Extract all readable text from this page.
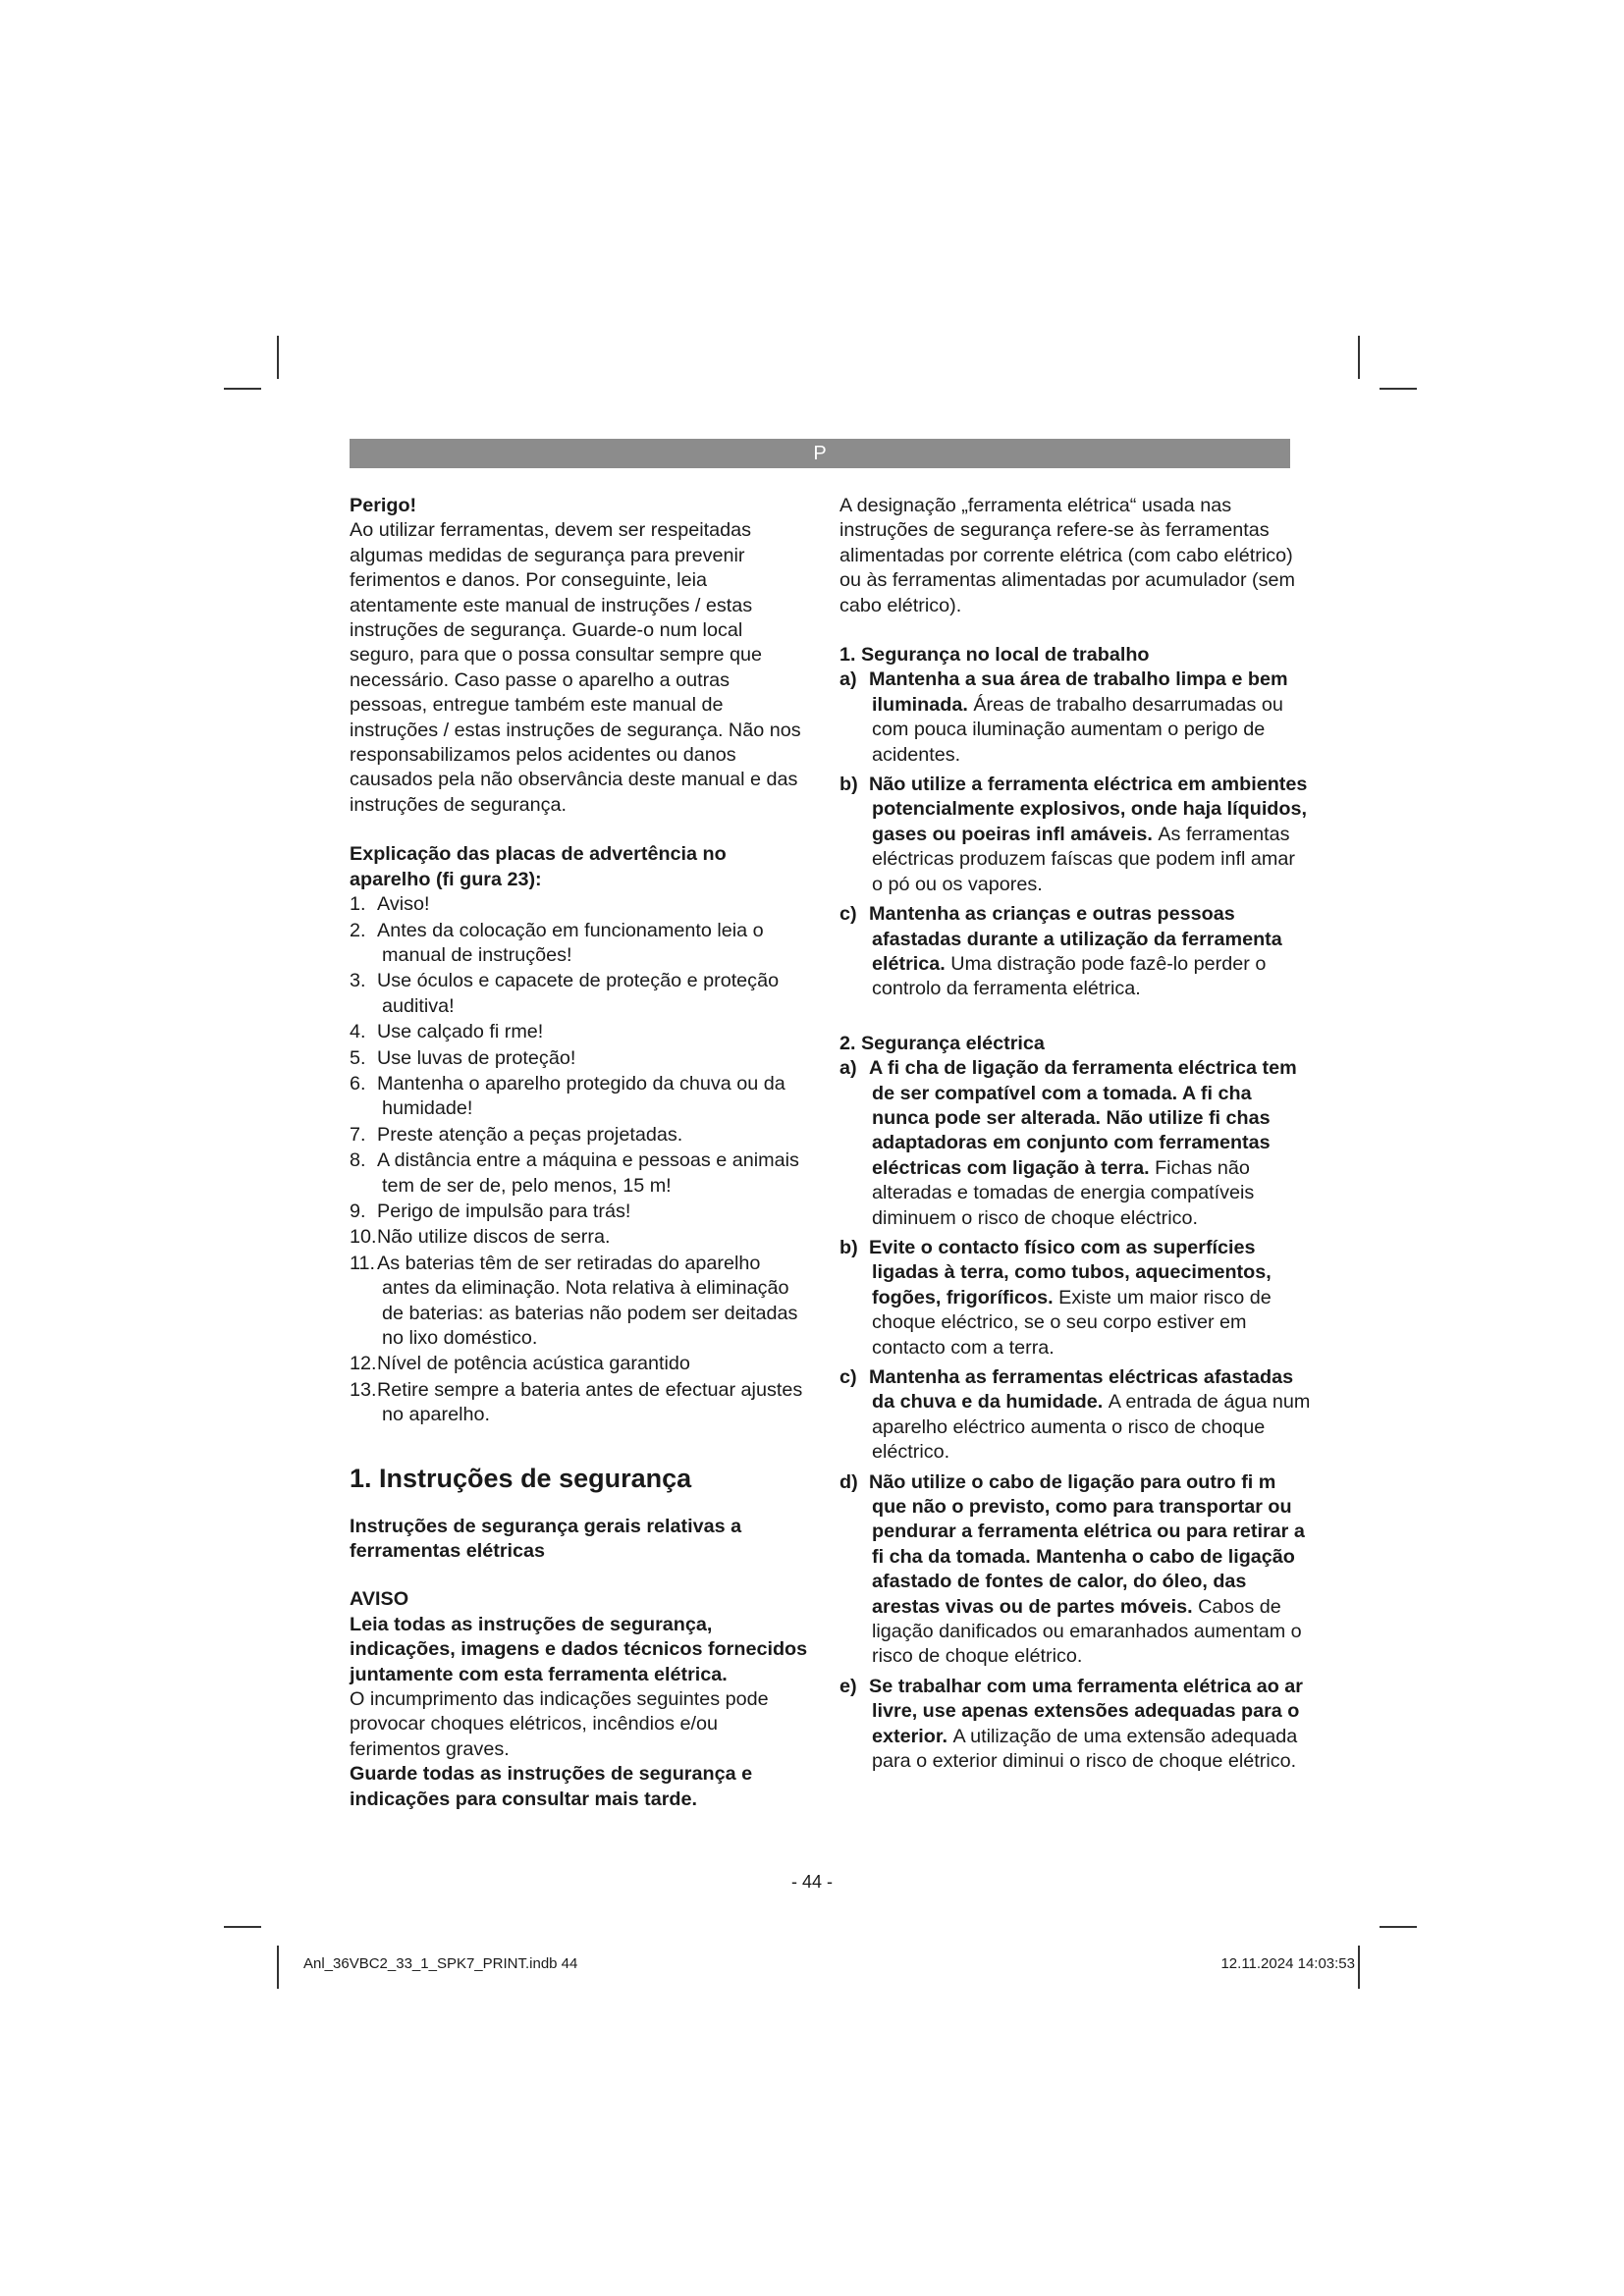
P

Perigo!

Ao utilizar ferramentas, devem ser respeitadas algumas medidas de segurança para prevenir ferimentos e danos. Por conseguinte, leia atentamente este manual de instruções / estas instruções de segurança. Guarde-o num local seguro, para que o possa consultar sempre que necessário. Caso passe o aparelho a outras pessoas, entregue também este manual de instruções / estas instruções de segurança. Não nos responsabilizamos pelos acidentes ou danos causados pela não observância deste manual e das instruções de segurança.

Explicação das placas de advertência no aparelho (fi gura 23):

1. Aviso!
2. Antes da colocação em funcionamento leia o manual de instruções!
3. Use óculos e capacete de proteção e proteção auditiva!
4. Use calçado fi rme!
5. Use luvas de proteção!
6. Mantenha o aparelho protegido da chuva ou da humidade!
7. Preste atenção a peças projetadas.
8. A distância entre a máquina e pessoas e animais tem de ser de, pelo menos, 15 m!
9. Perigo de impulsão para trás!
10.Não utilize discos de serra.
11.As baterias têm de ser retiradas do aparelho antes da eliminação. Nota relativa à eliminação de baterias: as baterias não podem ser deitadas no lixo doméstico.
12.Nível de potência acústica garantido
13.Retire sempre a bateria antes de efectuar ajustes no aparelho.
1. Instruções de segurança

Instruções de segurança gerais relativas a ferramentas elétricas

AVISO

Leia todas as instruções de segurança, indicações, imagens e dados técnicos fornecidos juntamente com esta ferramenta elétrica.

O incumprimento das indicações seguintes pode provocar choques elétricos, incêndios e/ou ferimentos graves.

Guarde todas as instruções de segurança e indicações para consultar mais tarde.

A designação „ferramenta elétrica“ usada nas instruções de segurança refere-se às ferramentas alimentadas por corrente elétrica (com cabo elétrico) ou às ferramentas alimentadas por acumulador (sem cabo elétrico).

1. Segurança no local de trabalho

a) Mantenha a sua área de trabalho limpa e bem iluminada. Áreas de trabalho desarrumadas ou com pouca iluminação aumentam o perigo de acidentes.
b) Não utilize a ferramenta eléctrica em ambientes potencialmente explosivos, onde haja líquidos, gases ou poeiras infl amáveis. As ferramentas eléctricas produzem faíscas que podem infl amar o pó ou os vapores.
c) Mantenha as crianças e outras pessoas afastadas durante a utilização da ferramenta elétrica. Uma distração pode fazê-lo perder o controlo da ferramenta elétrica.

2. Segurança eléctrica

a) A fi cha de ligação da ferramenta eléctrica tem de ser compatível com a tomada. A fi cha nunca pode ser alterada. Não utilize fi chas adaptadoras em conjunto com ferramentas eléctricas com ligação à terra. Fichas não alteradas e tomadas de energia compatíveis diminuem o risco de choque eléctrico.
b) Evite o contacto físico com as superfícies ligadas à terra, como tubos, aquecimentos, fogões, frigoríficos. Existe um maior risco de choque eléctrico, se o seu corpo estiver em contacto com a terra.
c) Mantenha as ferramentas eléctricas afastadas da chuva e da humidade. A entrada de água num aparelho eléctrico aumenta o risco de choque eléctrico.
d) Não utilize o cabo de ligação para outro fi m que não o previsto, como para transportar ou pendurar a ferramenta elétrica ou para retirar a fi cha da tomada. Mantenha o cabo de ligação afastado de fontes de calor, do óleo, das arestas vivas ou de partes móveis. Cabos de ligação danificados ou emaranhados aumentam o risco de choque elétrico.
e) Se trabalhar com uma ferramenta elétrica ao ar livre, use apenas extensões adequadas para o exterior. A utilização de uma extensão adequada para o exterior diminui o risco de choque elétrico.
- 44 -
Anl_36VBC2_33_1_SPK7_PRINT.indb 44	12.11.2024 14:03:53
